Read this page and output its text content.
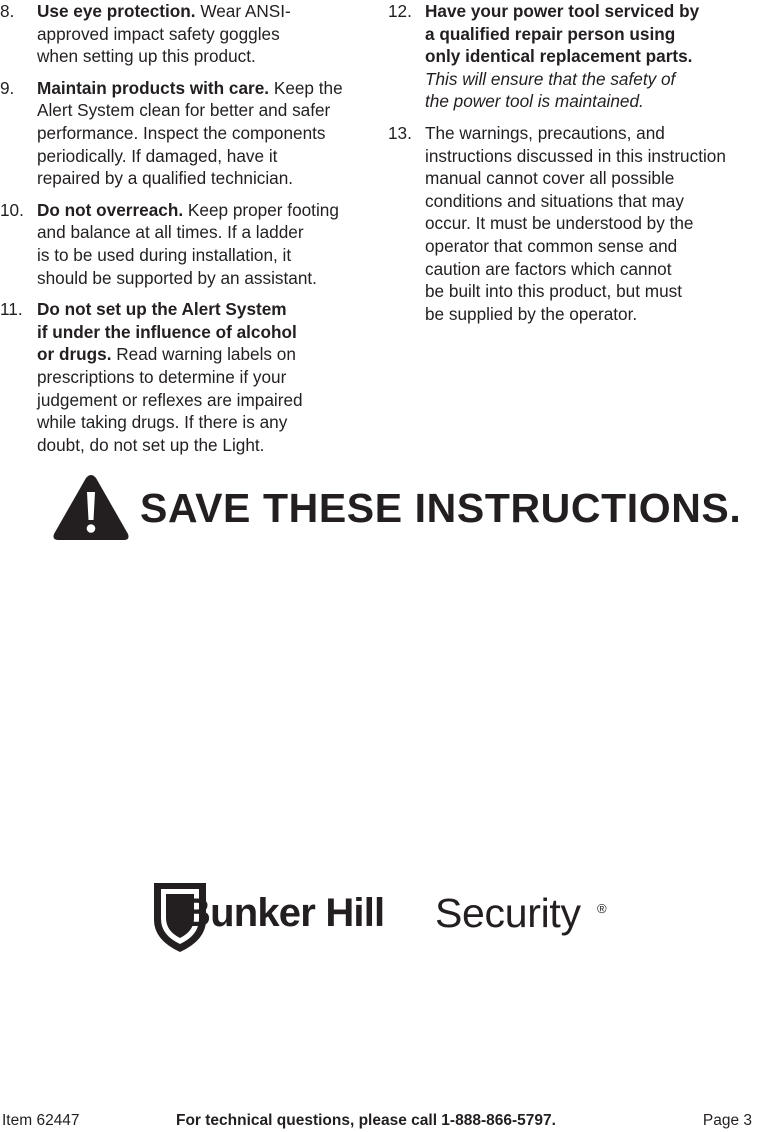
8. Use eye protection. Wear ANSI-
approved impact safety goggles
when setting up this product.
9. Maintain products with care. Keep the
Alert System clean for better and safer
performance. Inspect the components
periodically. If damaged, have it
repaired by a qualified technician.
10. Do not overreach. Keep proper footing
and balance at all times. If a ladder
is to be used during installation, it
should be supported by an assistant.
11. Do not set up the Alert System
if under the influence of alcohol
or drugs. Read warning labels on
prescriptions to determine if your
judgement or reflexes are impaired
while taking drugs. If there is any
doubt, do not set up the Light.
12. Have your power tool serviced by
a qualified repair person using
only identical replacement parts.
This will ensure that the safety of
the power tool is maintained.
13. The warnings, precautions, and
instructions discussed in this instruction
manual cannot cover all possible
conditions and situations that may
occur. It must be understood by the
operator that common sense and
caution are factors which cannot
be built into this product, but must
be supplied by the operator.
SAVE THESE INSTRUCTIONS.
Bunker Hill Security ®
Item 62447	For technical questions, please call 1-888-866-5797.	Page 3
